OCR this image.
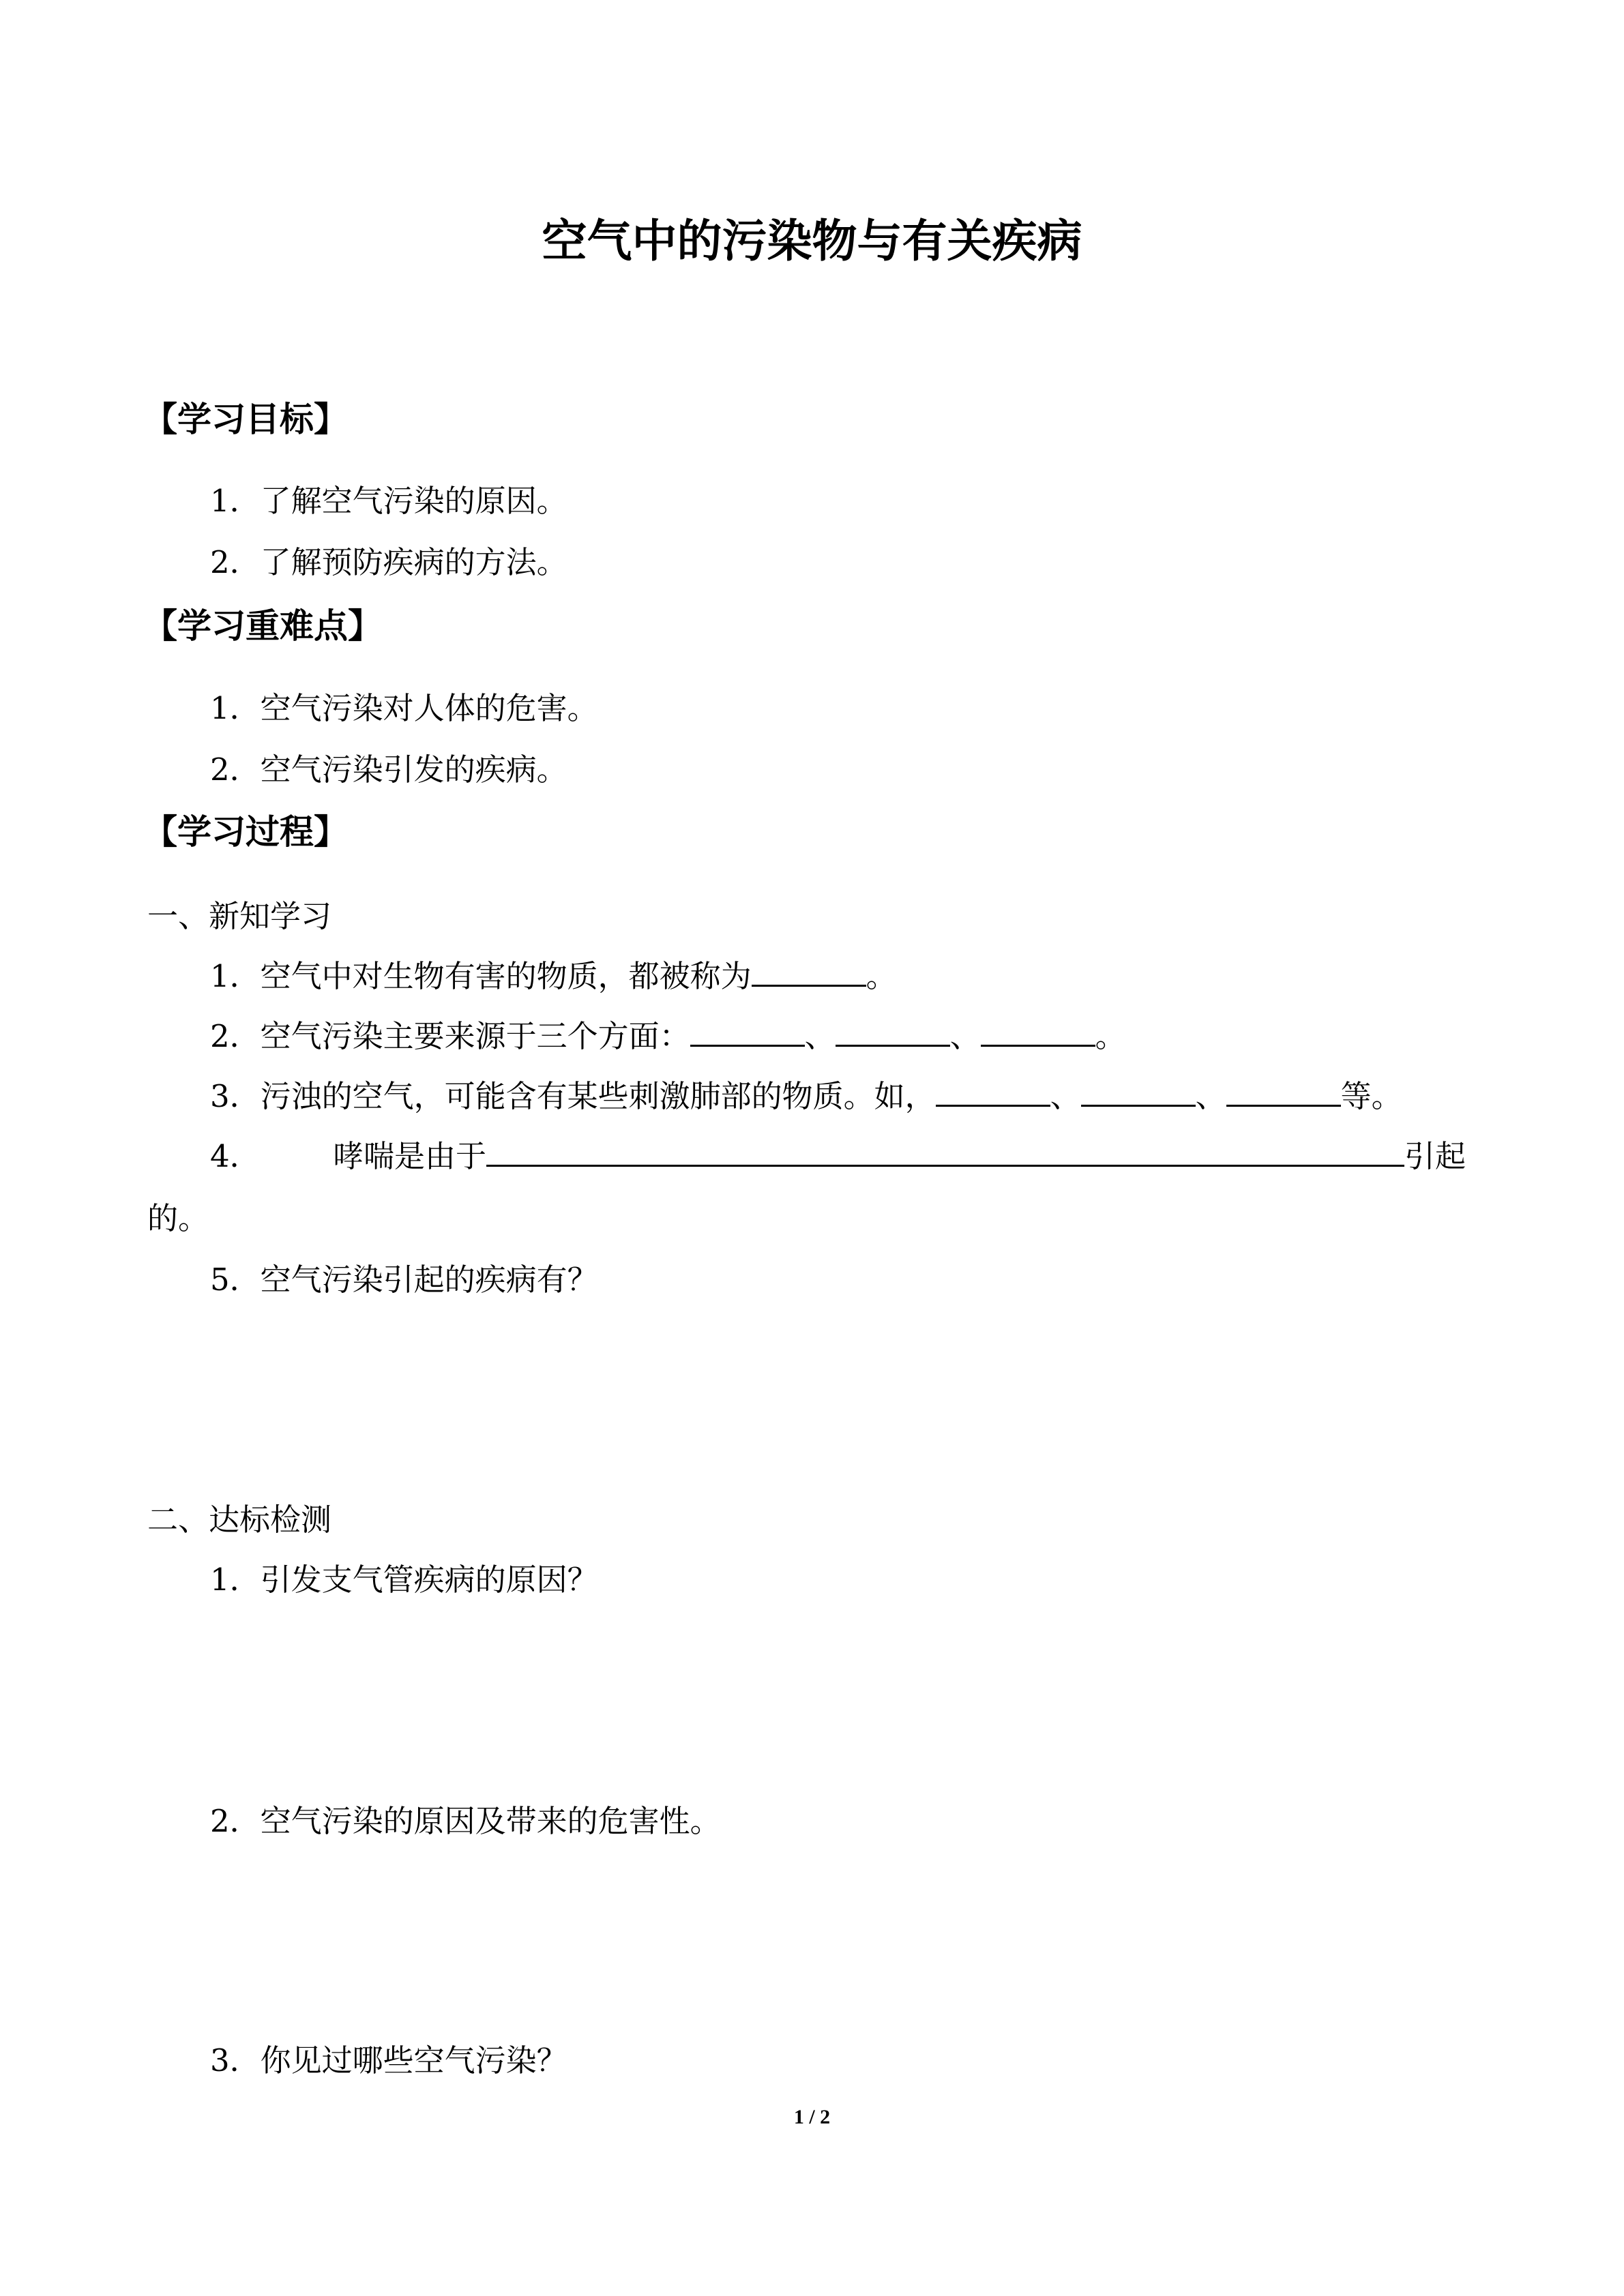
空气中的污染物与有关疾病
【学习目标】
1．了解空气污染的原因。
2．了解预防疾病的方法。
【学习重难点】
1．空气污染对人体的危害。
2．空气污染引发的疾病。
【学习过程】
一、新知学习
1．空气中对生物有害的物质，都被称为	。
2．空气污染主要来源于三个方面：	、	、	。
3．污浊的空气，可能含有某些刺激肺部的物质。如，	、	、	等。
4． 哮喘是由于	引起
的。
5．空气污染引起的疾病有？
二、达标检测
1．引发支气管疾病的原因？
2．空气污染的原因及带来的危害性。
3．你见过哪些空气污染？
1 / 2
